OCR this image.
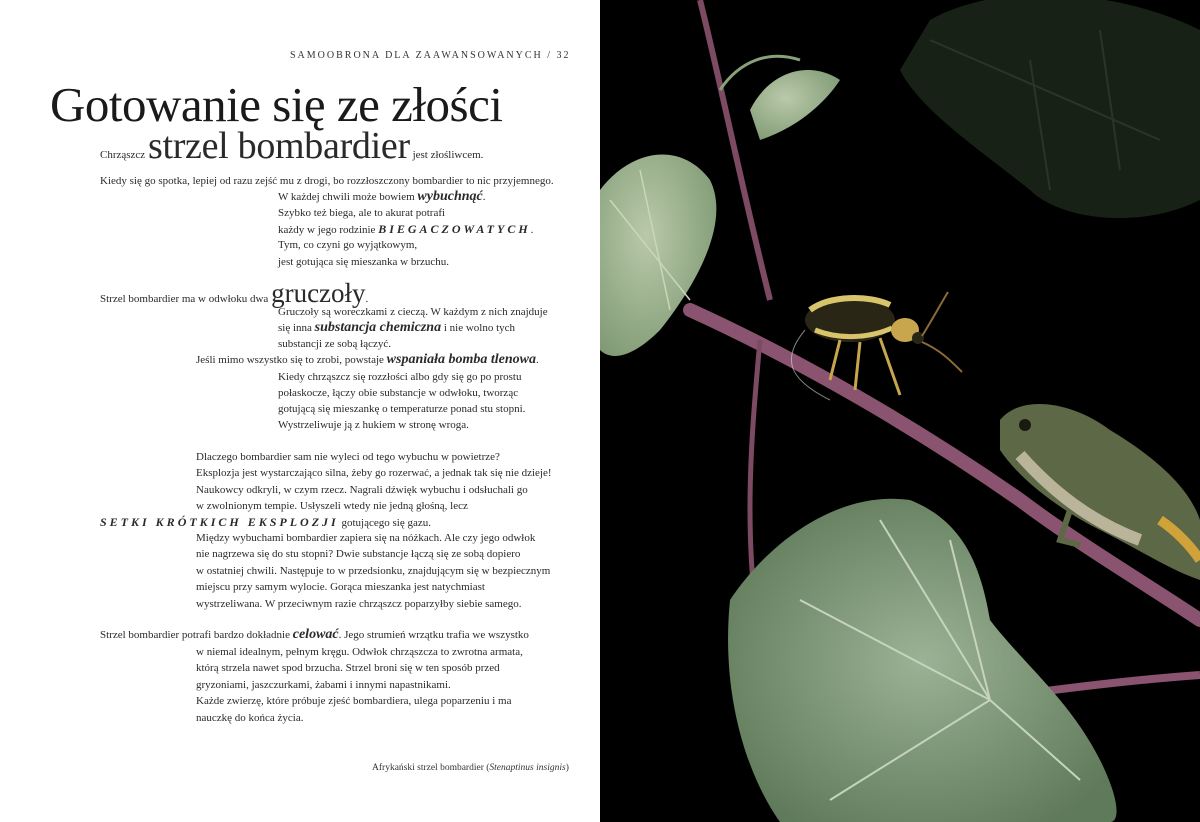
SAMOOBRONA DLA ZAAWANSOWANYCH / 32
Gotowanie się ze złości
Chrząszcz strzel bombardier jest złośliwcem.
Kiedy się go spotka, lepiej od razu zejść mu z drogi, bo rozzłoszczony bombardier to nic przyjemnego.
W każdej chwili może bowiem wybuchnąć.
Szybko też biega, ale to akurat potrafi
każdy w jego rodzinie BIEGACZOWATYCH.
Tym, co czyni go wyjątkowym,
jest gotująca się mieszanka w brzuchu.
Strzel bombardier ma w odwłoku dwa gruczoły.
Gruczoły są woreczkami z cieczą. W każdym z nich znajduje
się inna substancja chemiczna i nie wolno tych
substancji ze sobą łączyć.
Jeśli mimo wszystko się to zrobi, powstaje wspaniała bomba tlenowa.
Kiedy chrząszcz się rozzłości albo gdy się go po prostu
połaskocze, łączy obie substancje w odwłoku, tworząc
gotującą się mieszankę o temperaturze ponad stu stopni.
Wystrzeliwuje ją z hukiem w stronę wroga.
Dlaczego bombardier sam nie wyleci od tego wybuchu w powietrze?
Eksplozja jest wystarczająco silna, żeby go rozerwać, a jednak tak się nie dzieje!
Naukowcy odkryli, w czym rzecz. Nagrali dźwięk wybuchu i odsłuchali go
w zwolnionym tempie. Usłyszeli wtedy nie jedną głośną, lecz
SETKI KRÓTKICH EKSPLOZJI gotującego się gazu.
Między wybuchami bombardier zapiera się na nóżkach. Ale czy jego odwłok
nie nagrzewa się do stu stopni? Dwie substancje łączą się ze sobą dopiero
w ostatniej chwili. Następuje to w przedsionku, znajdującym się w bezpiecznym
miejscu przy samym wylocie. Gorąca mieszanka jest natychmiast
wystrzeliwana. W przeciwnym razie chrząszcz poparzyłby siebie samego.
Strzel bombardier potrafi bardzo dokładnie celować. Jego strumień wrzątku trafia we wszystko
w niemal idealnym, pełnym kręgu. Odwłok chrząszcza to zwrotna armata,
którą strzela nawet spod brzucha. Strzel broni się w ten sposób przed
gryzoniami, jaszczurkami, żabami i innymi napastnikami.
Każde zwierzę, które próbuje zjeść bombardiera, ulega poparzeniu i ma
nauczkę do końca życia.
Afrykański strzel bombardier (Stenaptinus insignis)
